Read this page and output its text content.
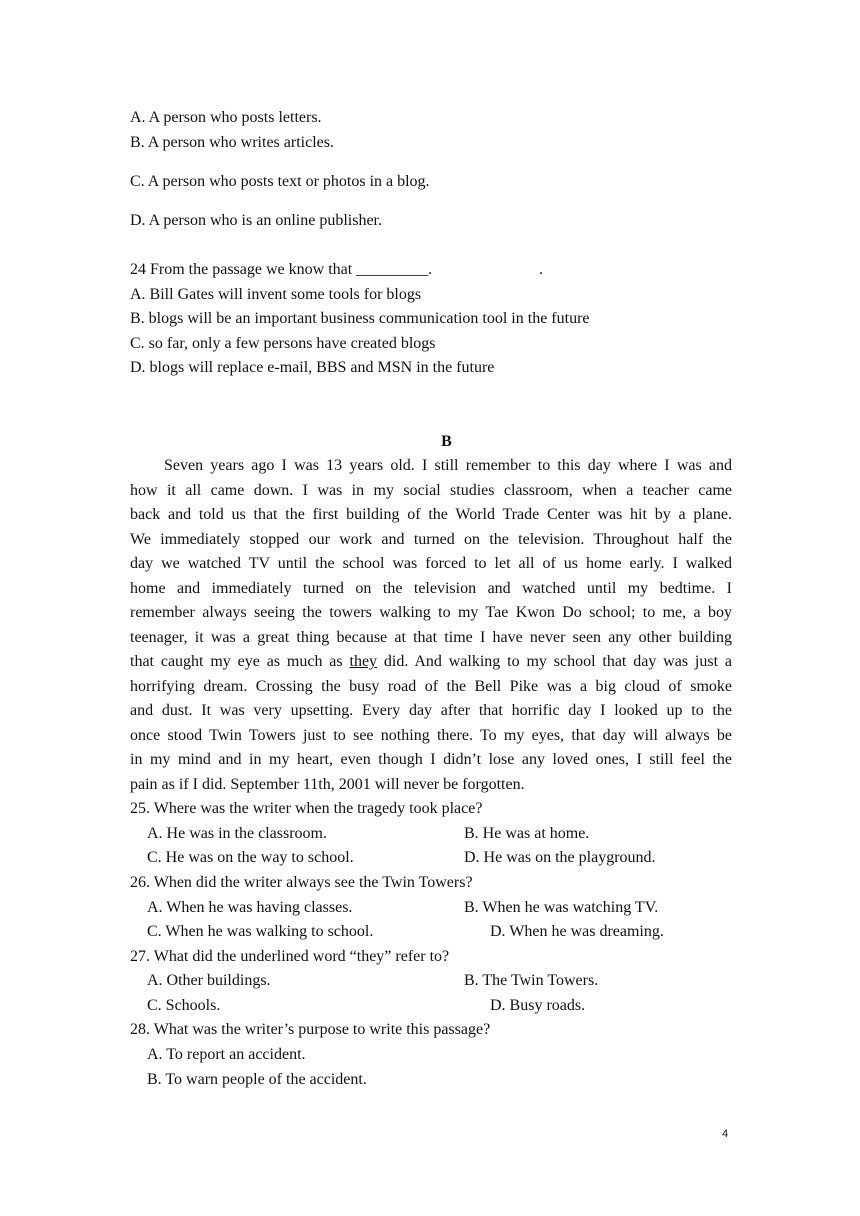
A. A person who posts letters.
B. A person who writes articles.
C. A person who posts text or photos in a blog.
D. A person who is an online publisher.
24 From the passage we know that _________.	.
A. Bill Gates will invent some tools for blogs
B. blogs will be an important business communication tool in the future
C. so far, only a few persons have created blogs
D. blogs will replace e-mail, BBS and MSN in the future
B
Seven years ago I was 13 years old. I still remember to this day where I was and
how it all came down. I was in my social studies classroom, when a teacher came
back and told us that the first building of the World Trade Center was hit by a plane.
We immediately stopped our work and turned on the television. Throughout half the
day we watched TV until the school was forced to let all of us home early. I walked
home and immediately turned on the television and watched until my bedtime. I
remember always seeing the towers walking to my Tae Kwon Do school; to me, a boy
teenager, it was a great thing because at that time I have never seen any other building
that caught my eye as much as they did. And walking to my school that day was just a
horrifying dream. Crossing the busy road of the Bell Pike was a big cloud of smoke
and dust. It was very upsetting. Every day after that horrific day I looked up to the
once stood Twin Towers just to see nothing there. To my eyes, that day will always be
in my mind and in my heart, even though I didn’t lose any loved ones, I still feel the
pain as if I did. September 11th, 2001 will never be forgotten.
25. Where was the writer when the tragedy took place?
A. He was in the classroom.	B. He was at home.
C. He was on the way to school.	D. He was on the playground.
26. When did the writer always see the Twin Towers?
A. When he was having classes.	B. When he was watching TV.
C. When he was walking to school.	D. When he was dreaming.
27. What did the underlined word “they” refer to?
A. Other buildings.	B. The Twin Towers.
C. Schools.	D. Busy roads.
28. What was the writer’s purpose to write this passage?
A. To report an accident.
B. To warn people of the accident.
4
